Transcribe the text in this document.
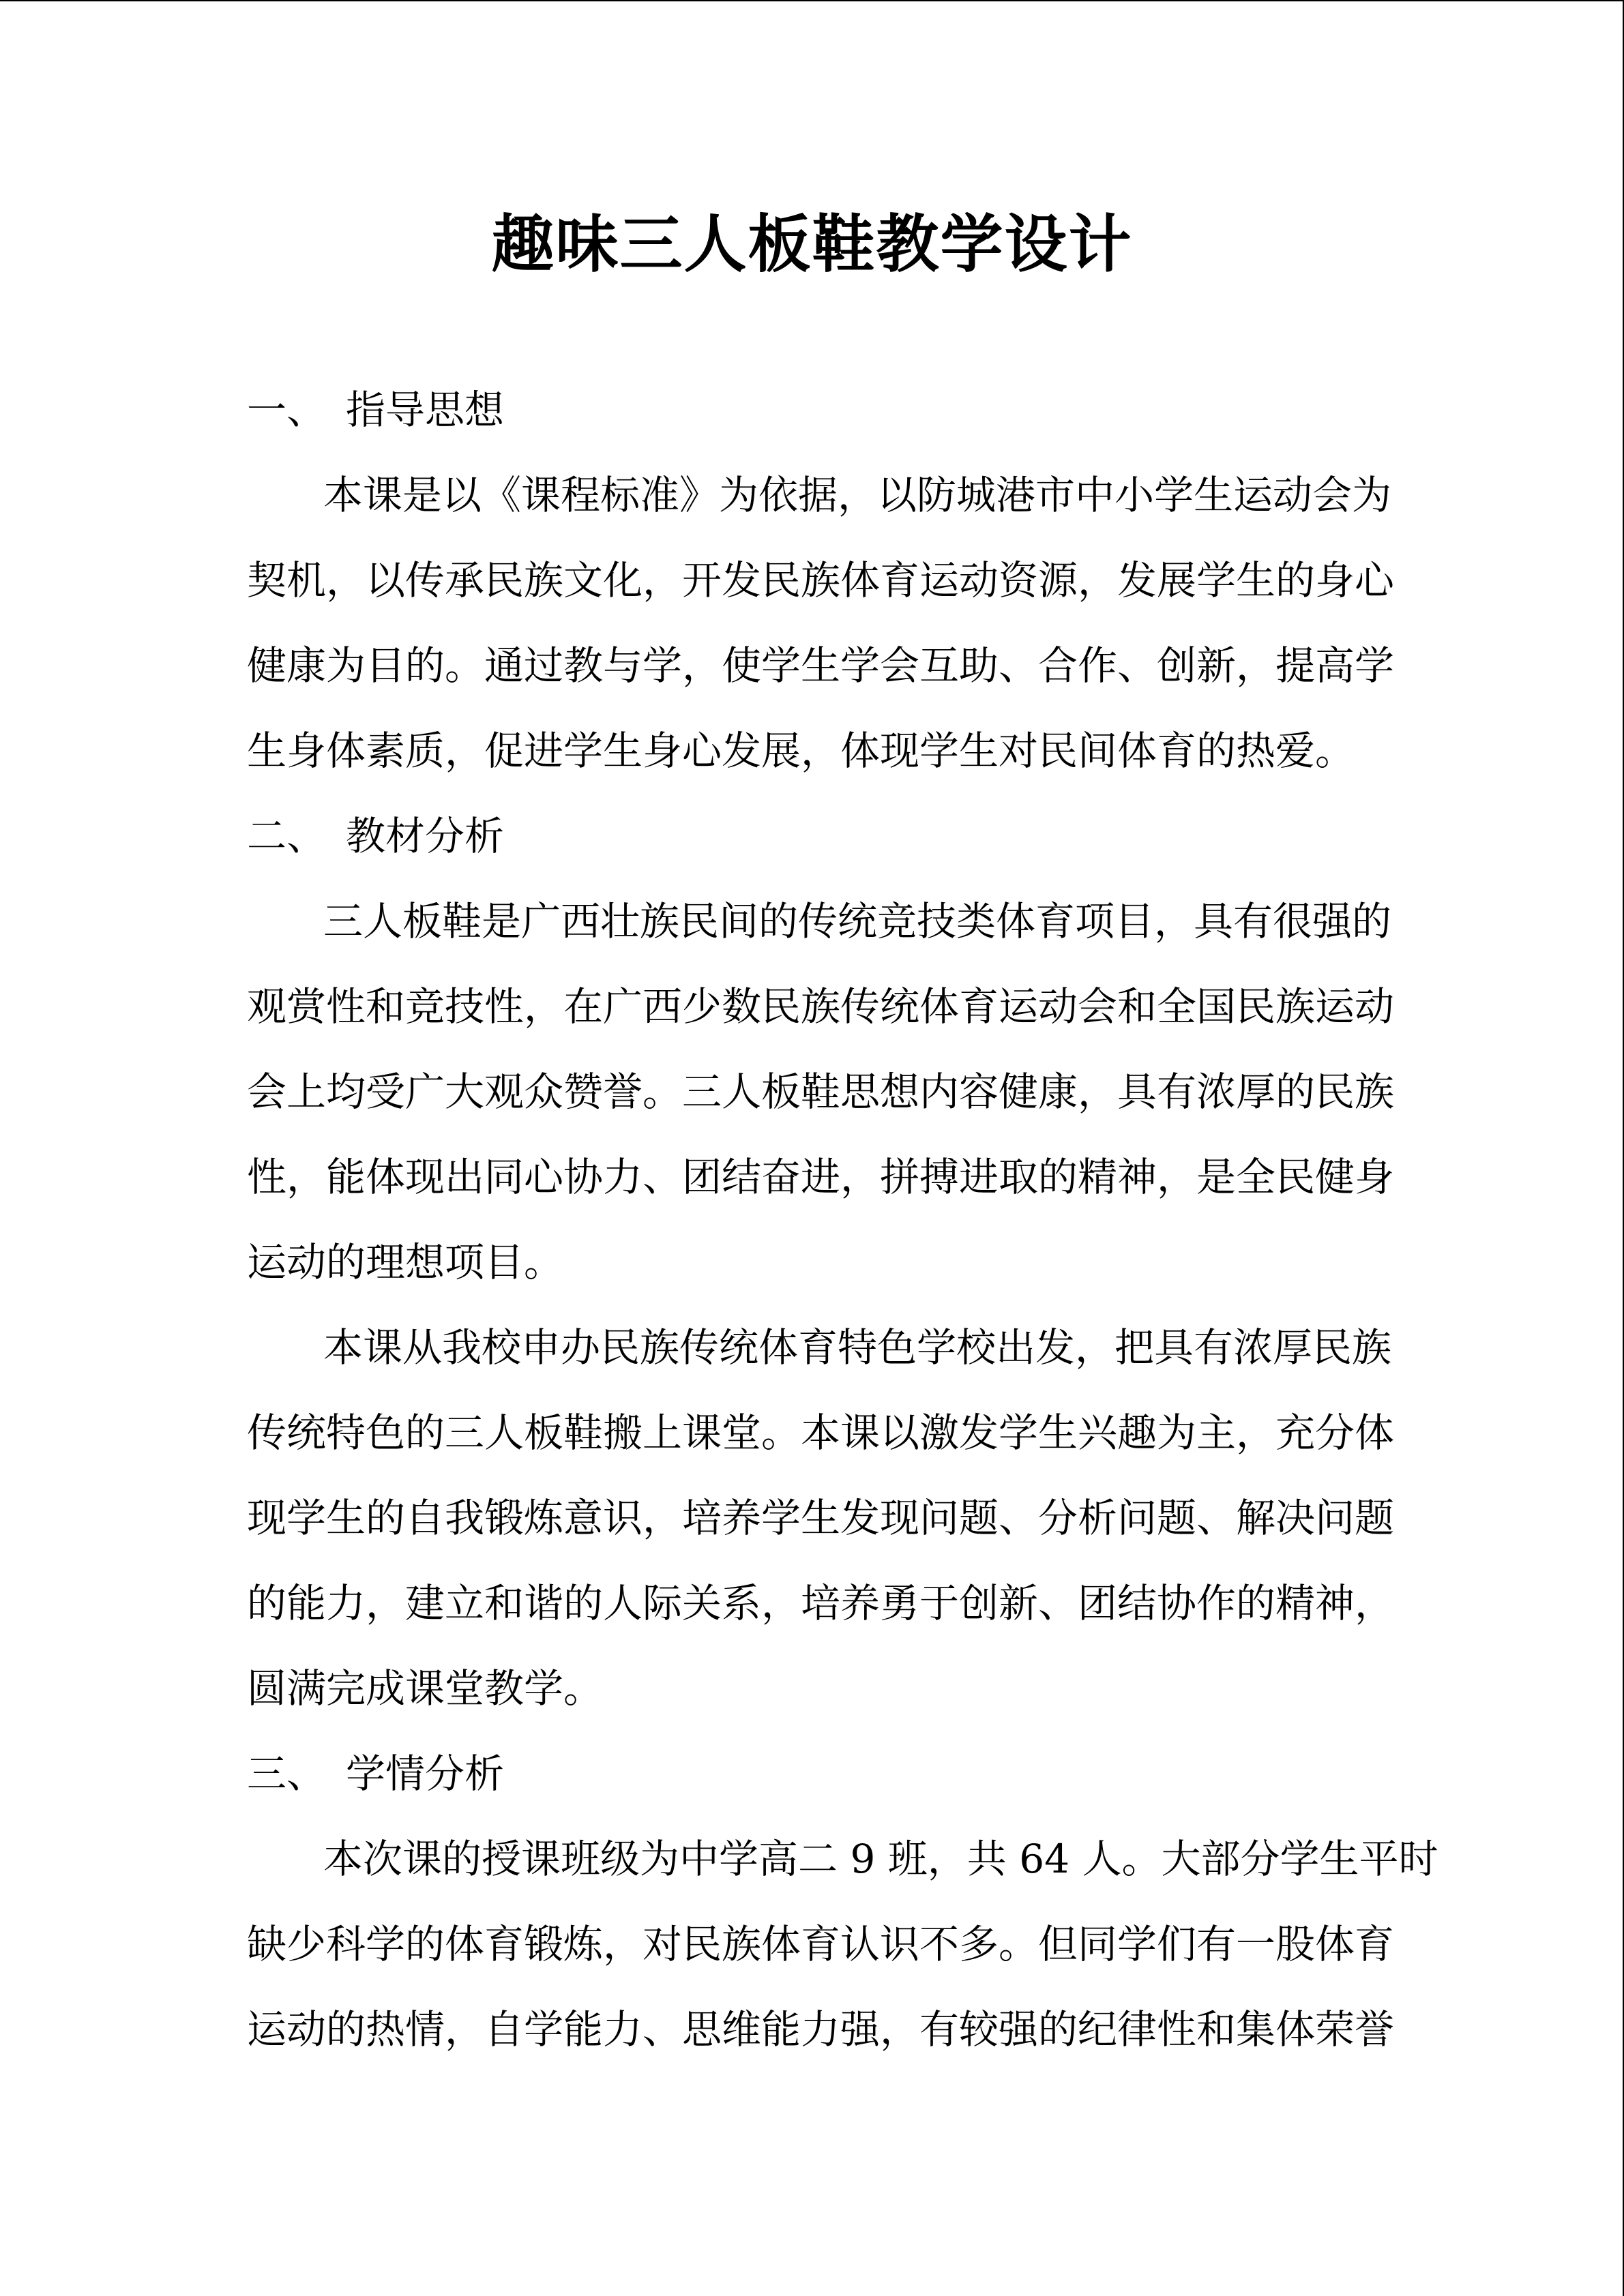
趣味三人板鞋教学设计
一、 指导思想
本课是以《课程标准》为依据，以防城港市中小学生运动会为
契机，以传承民族文化，开发民族体育运动资源，发展学生的身心
健康为目的。通过教与学，使学生学会互助、合作、创新，提高学
生身体素质，促进学生身心发展，体现学生对民间体育的热爱。
二、 教材分析
三人板鞋是广西壮族民间的传统竞技类体育项目，具有很强的
观赏性和竞技性，在广西少数民族传统体育运动会和全国民族运动
会上均受广大观众赞誉。三人板鞋思想内容健康，具有浓厚的民族
性，能体现出同心协力、团结奋进，拼搏进取的精神，是全民健身
运动的理想项目。
本课从我校申办民族传统体育特色学校出发，把具有浓厚民族
传统特色的三人板鞋搬上课堂。本课以激发学生兴趣为主，充分体
现学生的自我锻炼意识，培养学生发现问题、分析问题、解决问题
的能力，建立和谐的人际关系，培养勇于创新、团结协作的精神，
圆满完成课堂教学。
三、 学情分析
本次课的授课班级为中学高二 9 班，共 64 人。大部分学生平时
缺少科学的体育锻炼，对民族体育认识不多。但同学们有一股体育
运动的热情，自学能力、思维能力强，有较强的纪律性和集体荣誉
